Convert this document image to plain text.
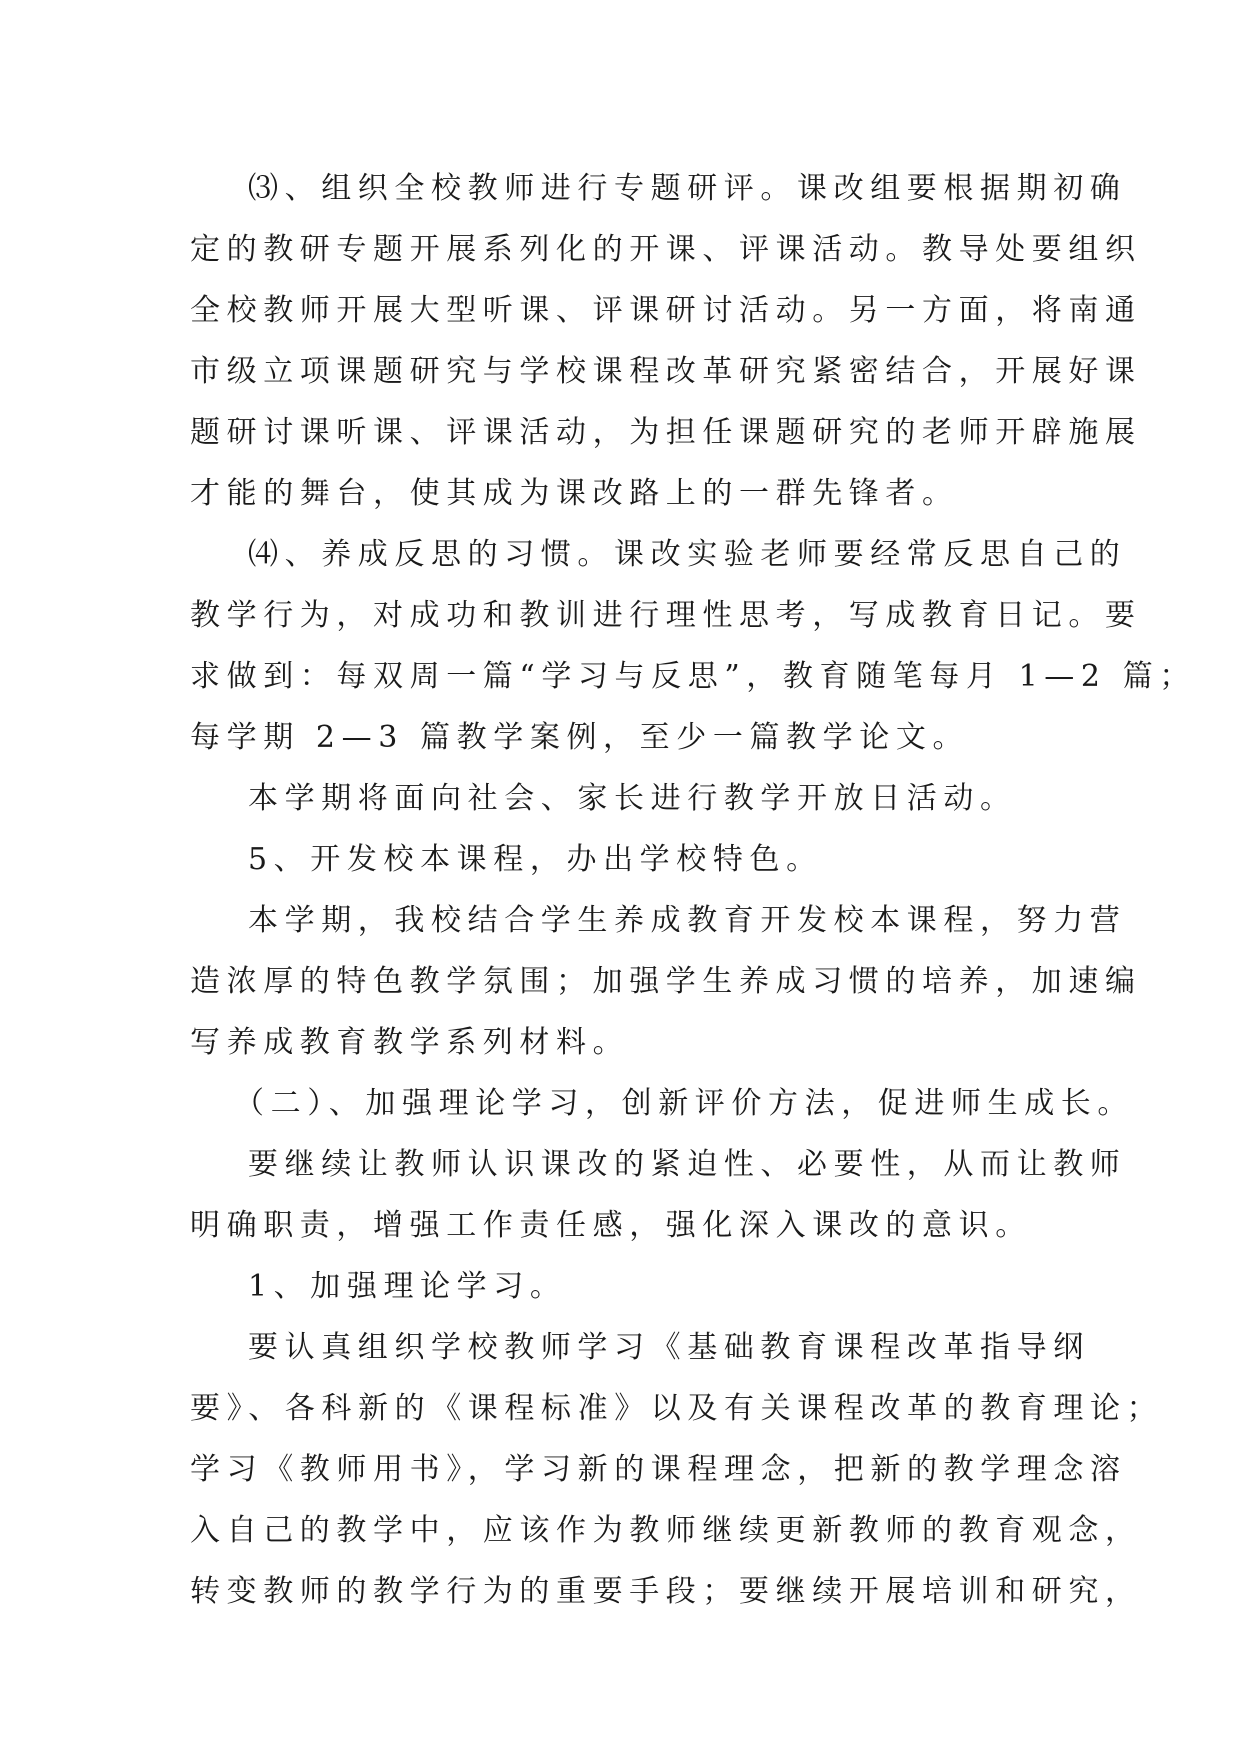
⑶、组织全校教师进行专题研评。课改组要根据期初确
定的教研专题开展系列化的开课、评课活动。教导处要组织
全校教师开展大型听课、评课研讨活动。另一方面，将南通
市级立项课题研究与学校课程改革研究紧密结合，开展好课
题研讨课听课、评课活动，为担任课题研究的老师开辟施展
才能的舞台，使其成为课改路上的一群先锋者。
⑷、养成反思的习惯。课改实验老师要经常反思自己的
教学行为，对成功和教训进行理性思考，写成教育日记。要
求做到：每双周一篇“学习与反思”，教育随笔每月 1—2 篇；
每学期 2—3 篇教学案例，至少一篇教学论文。
本学期将面向社会、家长进行教学开放日活动。
5、开发校本课程，办出学校特色。
本学期，我校结合学生养成教育开发校本课程，努力营
造浓厚的特色教学氛围；加强学生养成习惯的培养，加速编
写养成教育教学系列材料。
（二）、加强理论学习，创新评价方法，促进师生成长。
要继续让教师认识课改的紧迫性、必要性，从而让教师
明确职责，增强工作责任感，强化深入课改的意识。
1、加强理论学习。
要认真组织学校教师学习《基础教育课程改革指导纲
要》、各科新的《课程标准》以及有关课程改革的教育理论；
学习《教师用书》，学习新的课程理念，把新的教学理念溶
入自己的教学中，应该作为教师继续更新教师的教育观念，
转变教师的教学行为的重要手段；要继续开展培训和研究，
